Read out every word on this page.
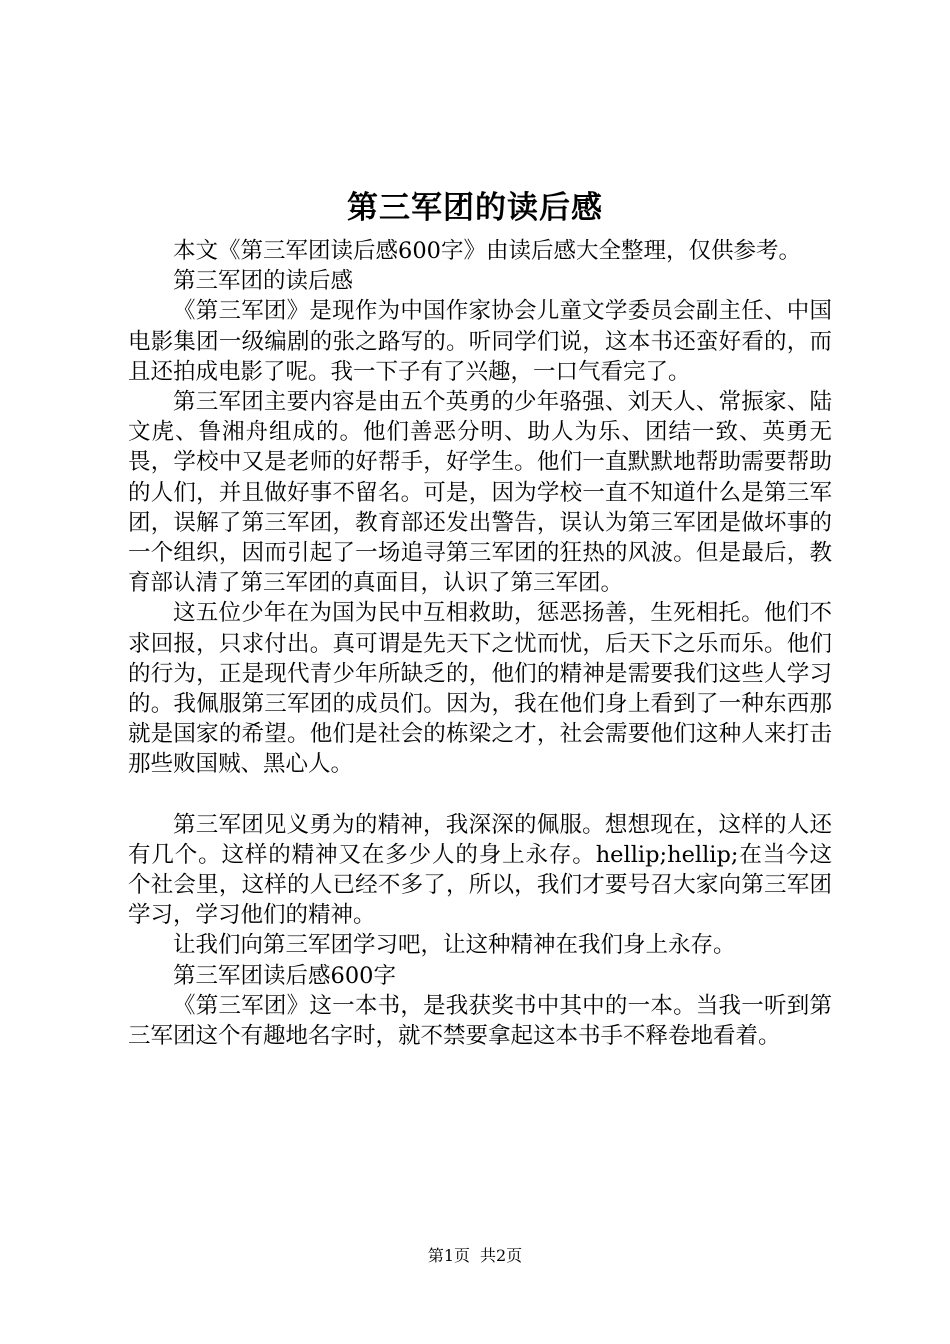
第三军团的读后感

本文《第三军团读后感600字》由读后感大全整理，仅供参考。

第三军团的读后感

《第三军团》是现作为中国作家协会儿童文学委员会副主任、中国电影集团一级编剧的张之路写的。听同学们说，这本书还蛮好看的，而且还拍成电影了呢。我一下子有了兴趣，一口气看完了。

第三军团主要内容是由五个英勇的少年骆强、刘天人、常振家、陆文虎、鲁湘舟组成的。他们善恶分明、助人为乐、团结一致、英勇无畏，学校中又是老师的好帮手，好学生。他们一直默默地帮助需要帮助的人们，并且做好事不留名。可是，因为学校一直不知道什么是第三军团，误解了第三军团，教育部还发出警告，误认为第三军团是做坏事的一个组织，因而引起了一场追寻第三军团的狂热的风波。但是最后，教育部认清了第三军团的真面目，认识了第三军团。

这五位少年在为国为民中互相救助，惩恶扬善，生死相托。他们不求回报，只求付出。真可谓是先天下之忧而忧，后天下之乐而乐。他们的行为，正是现代青少年所缺乏的，他们的精神是需要我们这些人学习的。我佩服第三军团的成员们。因为，我在他们身上看到了一种东西那就是国家的希望。他们是社会的栋梁之才，社会需要他们这种人来打击那些败国贼、黑心人。

第三军团见义勇为的精神，我深深的佩服。想想现在，这样的人还有几个。这样的精神又在多少人的身上永存。hellip;hellip;在当今这个社会里，这样的人已经不多了，所以，我们才要号召大家向第三军团学习，学习他们的精神。

让我们向第三军团学习吧，让这种精神在我们身上永存。

第三军团读后感600字

《第三军团》这一本书，是我获奖书中其中的一本。当我一听到第三军团这个有趣地名字时，就不禁要拿起这本书手不释卷地看着。

第1页 共2页
